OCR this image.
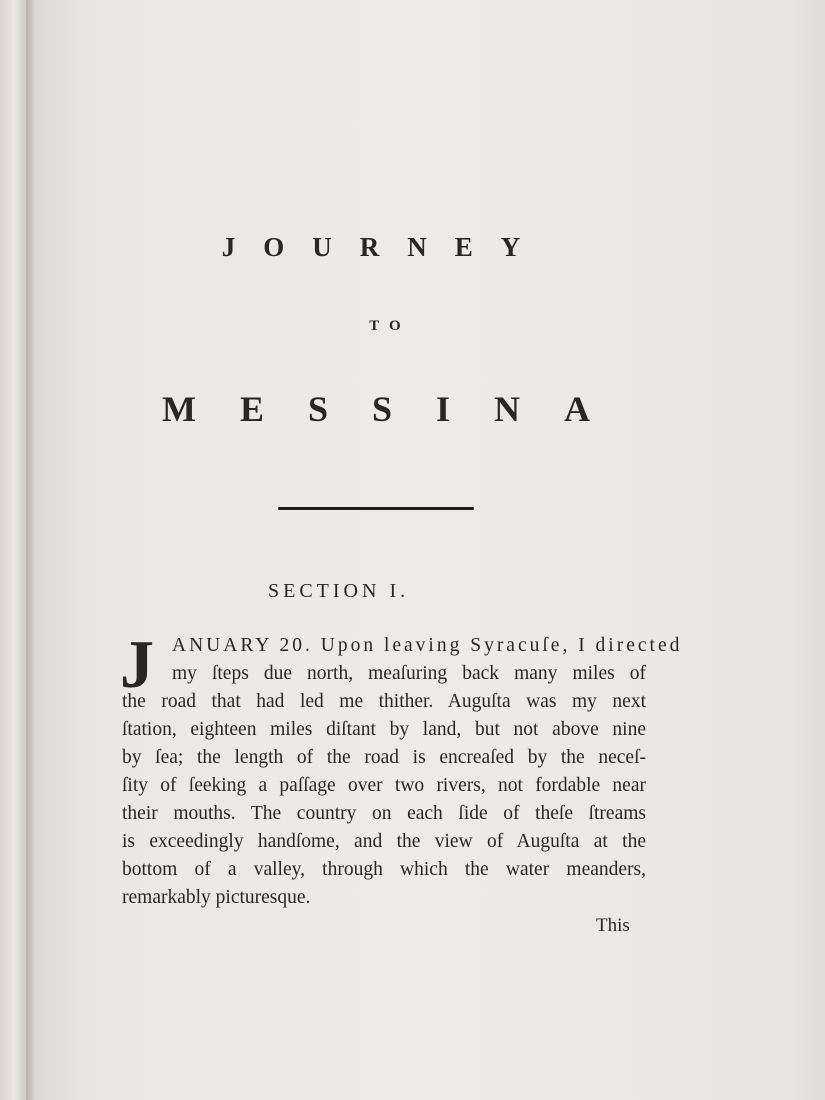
JOURNEY
TO
MESSINA
SECTION I.
J ANUARY 20. Upon leaving Syracuſe, I directed
my ſteps due north, meaſuring back many miles of
the road that had led me thither. Auguſta was my next
ſtation, eighteen miles diſtant by land, but not above nine
by ſea; the length of the road is encreaſed by the neceſ-
ſity of ſeeking a paſſage over two rivers, not fordable near
their mouths. The country on each ſide of theſe ſtreams
is exceedingly handſome, and the view of Auguſta at the
bottom of a valley, through which the water meanders,
remarkably picturesque.
This
